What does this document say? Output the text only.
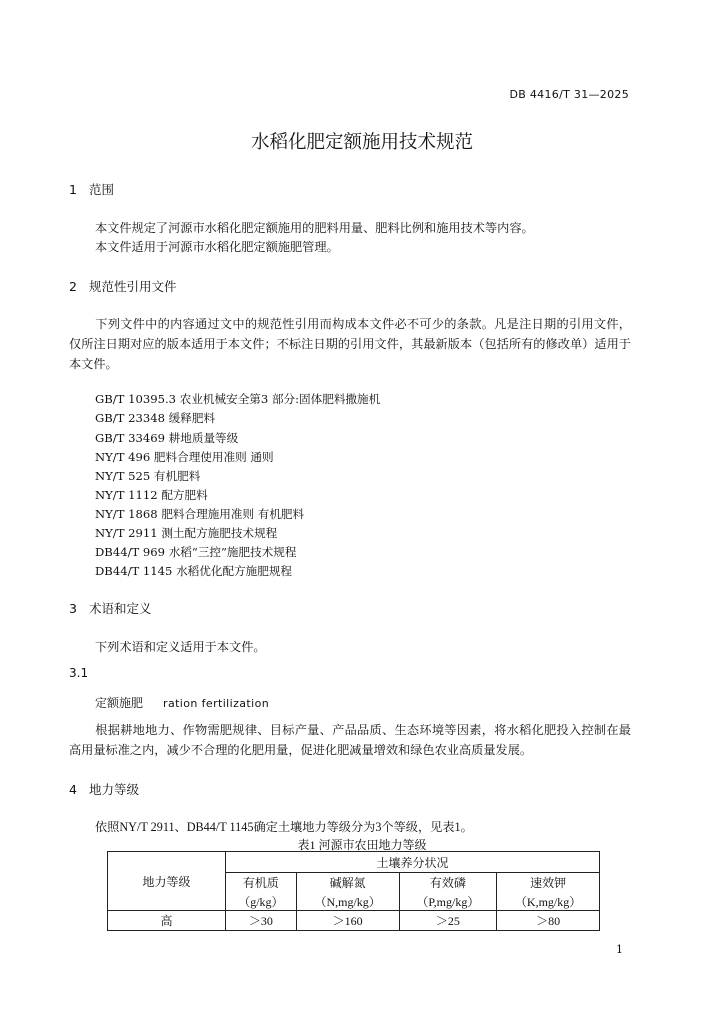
DB 4416/T 31—2025
水稻化肥定额施用技术规范
1 范围
本文件规定了河源市水稻化肥定额施用的肥料用量、肥料比例和施用技术等内容。
本文件适用于河源市水稻化肥定额施肥管理。
2 规范性引用文件
下列文件中的内容通过文中的规范性引用而构成本文件必不可少的条款。凡是注日期的引用文件，仅所注日期对应的版本适用于本文件；不标注日期的引用文件，其最新版本（包括所有的修改单）适用于本文件。
GB/T 10395.3 农业机械安全第3 部分:固体肥料撒施机
GB/T 23348 缓释肥料
GB/T 33469 耕地质量等级
NY/T 496 肥料合理使用准则 通则
NY/T 525 有机肥料
NY/T 1112 配方肥料
NY/T 1868 肥料合理施用准则 有机肥料
NY/T 2911 测土配方施肥技术规程
DB44/T 969 水稻“三控”施肥技术规程
DB44/T 1145 水稻优化配方施肥规程
3 术语和定义
下列术语和定义适用于本文件。
3.1
定额施肥 ration fertilization
根据耕地地力、作物需肥规律、目标产量、产品品质、生态环境等因素，将水稻化肥投入控制在最高用量标准之内，减少不合理的化肥用量，促进化肥减量增效和绿色农业高质量发展。
4 地力等级
依照NY/T 2911、DB44/T 1145确定土壤地力等级分为3个等级，见表1。
表1 河源市农田地力等级
地力等级	土壤养分状况			
	有机质	碱解氮	有效磷	速效钾
	（g/kg）	（N,mg/kg）	（P,mg/kg）	（K,mg/kg）
高	＞30	＞160	＞25	＞80
1
